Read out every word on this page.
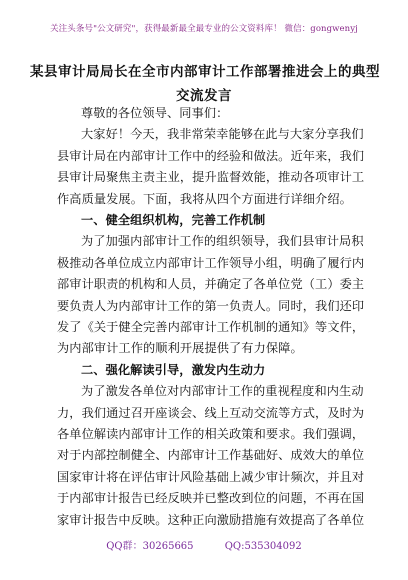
关注头条号"公文研究"，获得最新最全最专业的公文资料库！ 微信：gongwenyj
某县审计局局长在全市内部审计工作部署推进会上的典型
交流发言
尊敬的各位领导、同事们：
大家好！今天，我非常荣幸能够在此与大家分享我们
县审计局在内部审计工作中的经验和做法。近年来，我们
县审计局聚焦主责主业，提升监督效能，推动各项审计工
作高质量发展。下面，我将从四个方面进行详细介绍。
一、健全组织机构，完善工作机制
为了加强内部审计工作的组织领导，我们县审计局积
极推动各单位成立内部审计工作领导小组，明确了履行内
部审计职责的机构和人员，并确定了各单位党（工）委主
要负责人为内部审计工作的第一负责人。同时，我们还印
发了《关于健全完善内部审计工作机制的通知》等文件，
为内部审计工作的顺利开展提供了有力保障。
二、强化解读引导，激发内生动力
为了激发各单位对内部审计工作的重视程度和内生动
力，我们通过召开座谈会、线上互动交流等方式，及时为
各单位解读内部审计工作的相关政策和要求。我们强调，
对于内部控制健全、内部审计工作基础好、成效大的单位
国家审计将在评估审计风险基础上减少审计频次，并且对
于内部审计报告已经反映并已整改到位的问题，不再在国
家审计报告中反映。这种正向激励措施有效提高了各单位
QQ群：30265665	QQ:535304092
